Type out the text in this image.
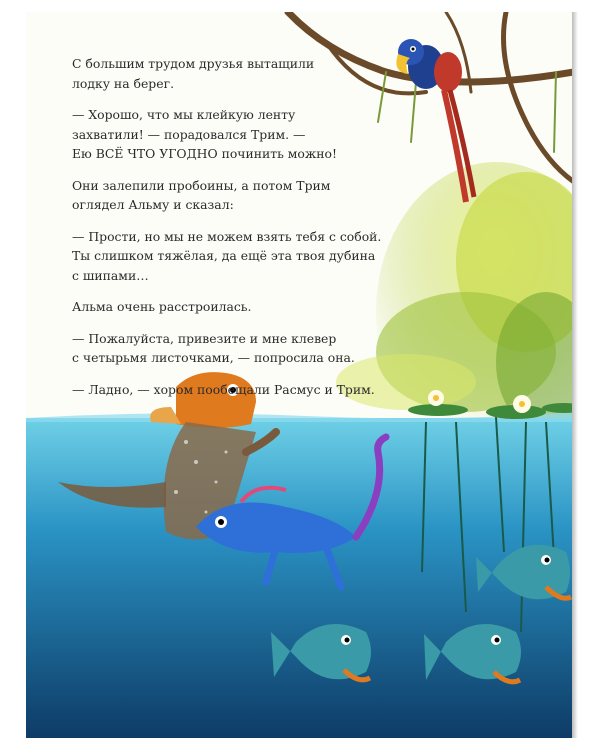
С большим трудом друзья вытащили
лодку на берег.

— Хорошо, что мы клейкую ленту
захватили! — порадовался Трим. —
Ею ВСЁ ЧТО УГОДНО починить можно!

Они залепили пробоины, а потом Трим
оглядел Альму и сказал:

— Прости, но мы не можем взять тебя с собой.
Ты слишком тяжёлая, да ещё эта твоя дубина
с шипами…

Альма очень расстроилась.

— Пожалуйста, привезите и мне клевер
с четырьмя листочками, — попросила она.

— Ладно, — хором пообещали Расмус и Трим.
